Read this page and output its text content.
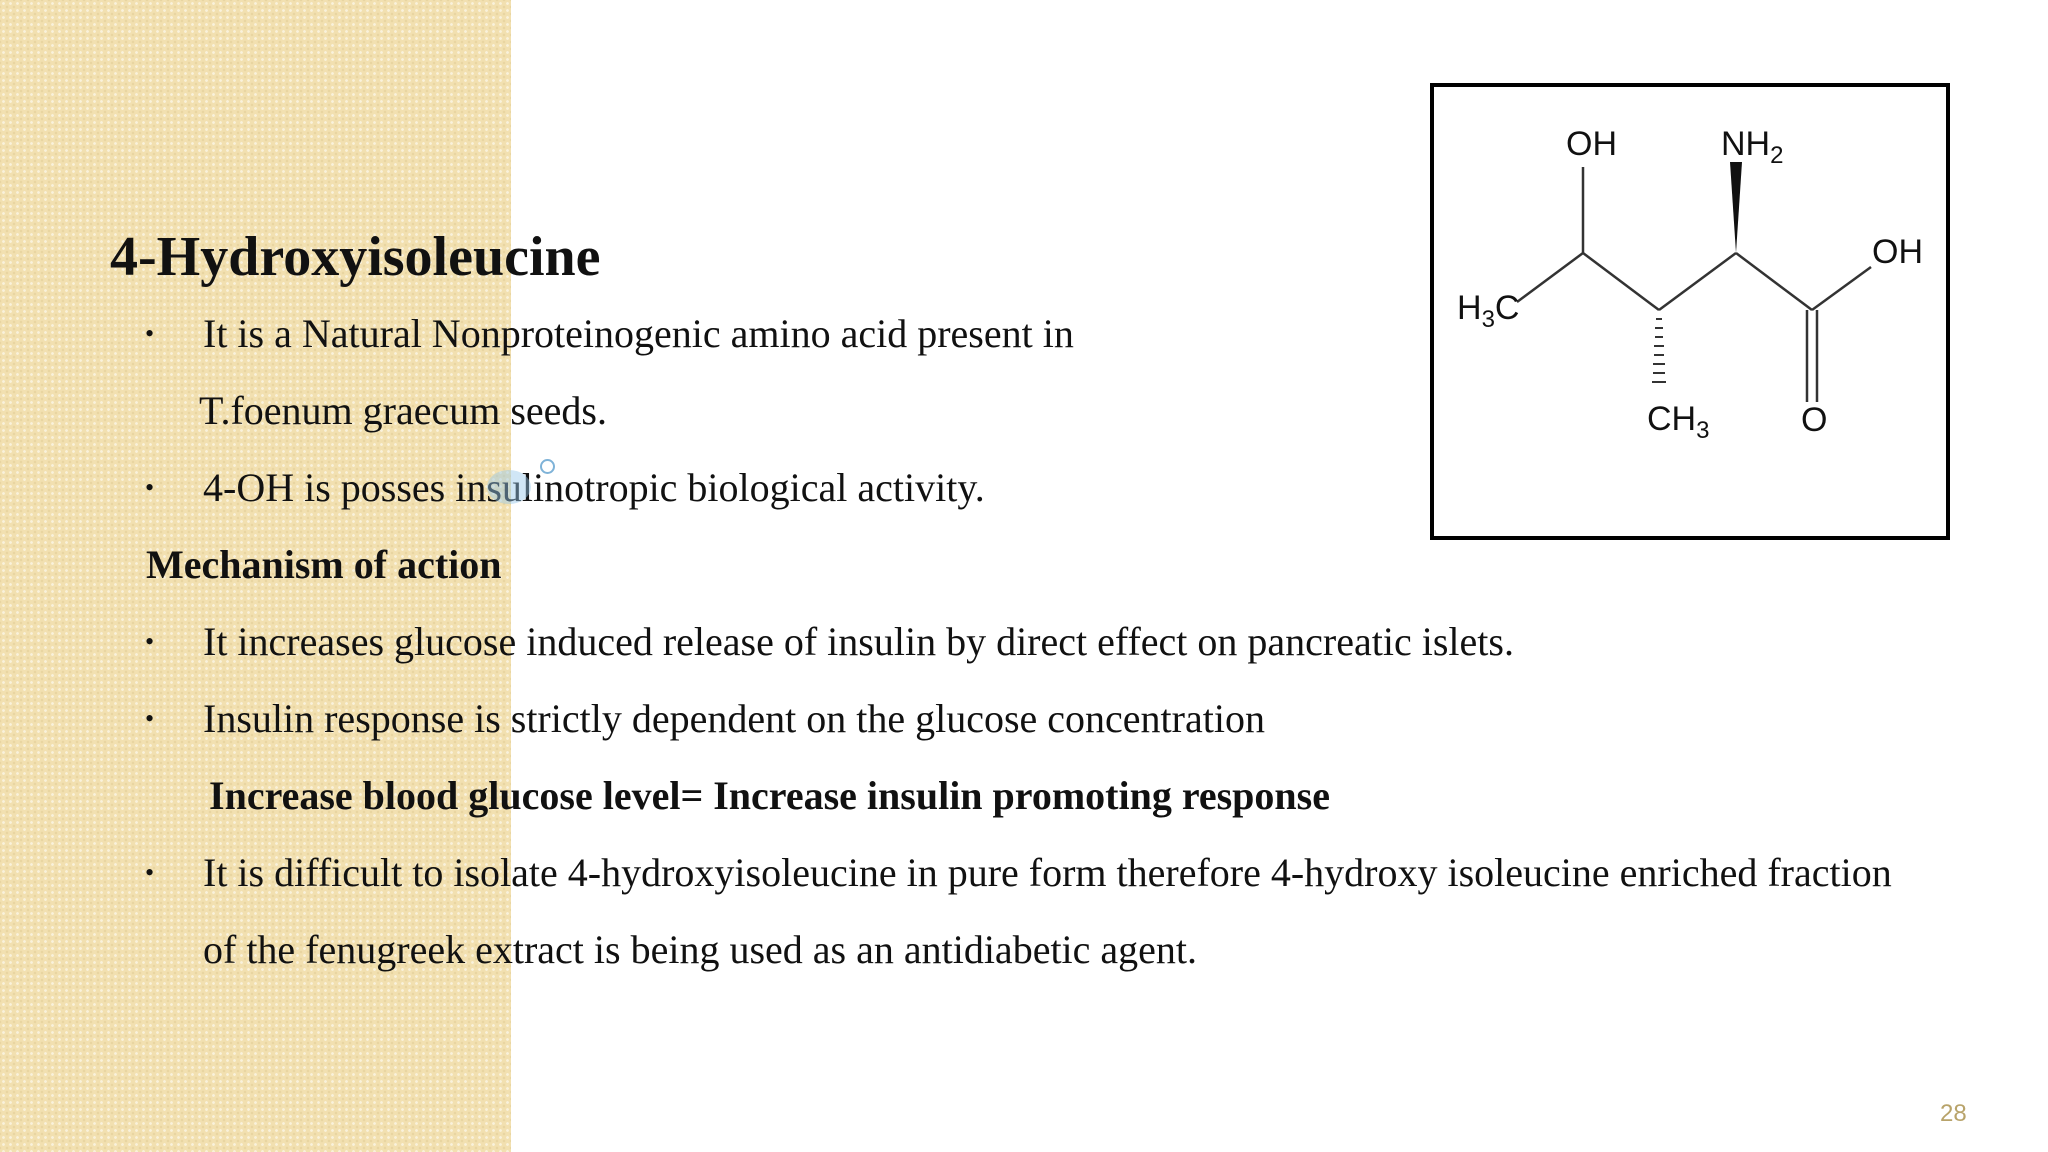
4-Hydroxyisoleucine
• It is a Natural Nonproteinogenic amino acid present in
T.foenum graecum seeds.
• 4-OH is posses insulinotropic biological activity.
Mechanism of action
• It increases glucose induced release of insulin by direct effect on pancreatic islets.
• Insulin response is strictly dependent on the glucose concentration
Increase blood glucose level= Increase insulin promoting response
• It is difficult to isolate 4-hydroxyisoleucine in pure form therefore 4-hydroxy isoleucine enriched fraction
of the fenugreek extract is being used as an antidiabetic agent.
OH	$NH_2$
OH
$H_3C$
$CH_3$	O
28
